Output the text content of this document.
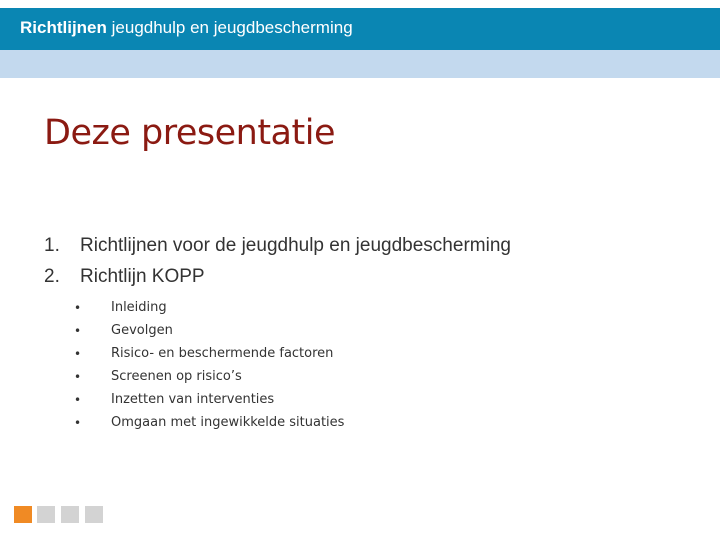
Richtlijnen jeugdhulp en jeugdbescherming
Deze presentatie
1. Richtlijnen voor de jeugdhulp en jeugdbescherming
2. Richtlijn KOPP
• Inleiding
• Gevolgen
• Risico- en beschermende factoren
• Screenen op risico’s
• Inzetten van interventies
• Omgaan met ingewikkelde situaties
